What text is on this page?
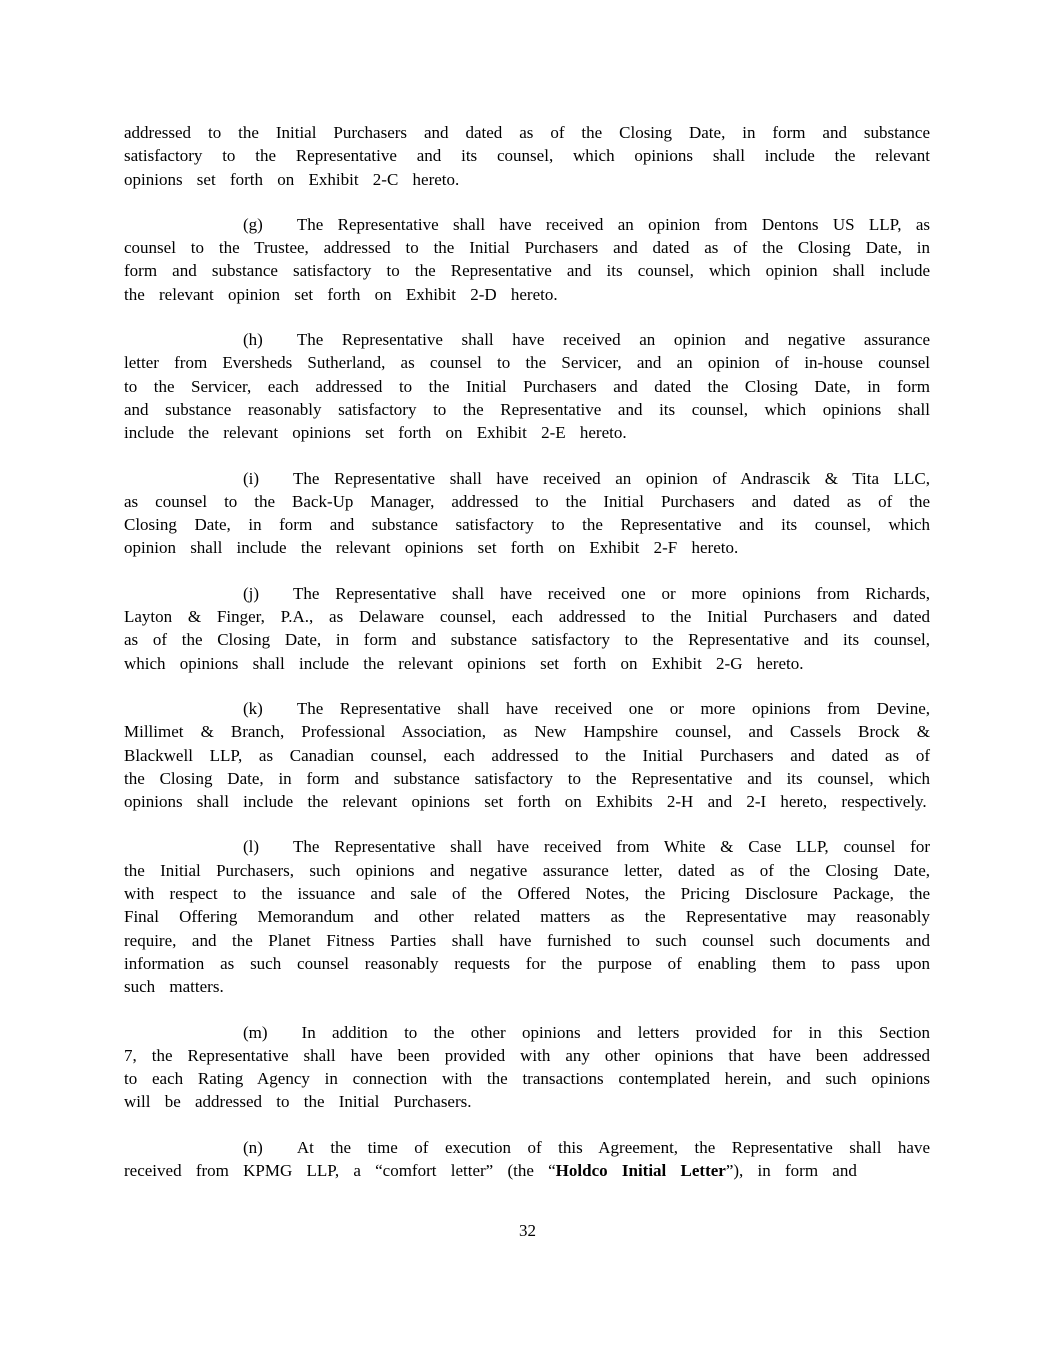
addressed to the Initial Purchasers and dated as of the Closing Date, in form and substance satisfactory to the Representative and its counsel, which opinions shall include the relevant opinions set forth on Exhibit 2-C hereto.

(g) The Representative shall have received an opinion from Dentons US LLP, as counsel to the Trustee, addressed to the Initial Purchasers and dated as of the Closing Date, in form and substance satisfactory to the Representative and its counsel, which opinion shall include the relevant opinion set forth on Exhibit 2-D hereto.

(h) The Representative shall have received an opinion and negative assurance letter from Eversheds Sutherland, as counsel to the Servicer, and an opinion of in-house counsel to the Servicer, each addressed to the Initial Purchasers and dated the Closing Date, in form and substance reasonably satisfactory to the Representative and its counsel, which opinions shall include the relevant opinions set forth on Exhibit 2-E hereto.

(i) The Representative shall have received an opinion of Andrascik & Tita LLC, as counsel to the Back-Up Manager, addressed to the Initial Purchasers and dated as of the Closing Date, in form and substance satisfactory to the Representative and its counsel, which opinion shall include the relevant opinions set forth on Exhibit 2-F hereto.

(j) The Representative shall have received one or more opinions from Richards, Layton & Finger, P.A., as Delaware counsel, each addressed to the Initial Purchasers and dated as of the Closing Date, in form and substance satisfactory to the Representative and its counsel, which opinions shall include the relevant opinions set forth on Exhibit 2-G hereto.

(k) The Representative shall have received one or more opinions from Devine, Millimet & Branch, Professional Association, as New Hampshire counsel, and Cassels Brock & Blackwell LLP, as Canadian counsel, each addressed to the Initial Purchasers and dated as of the Closing Date, in form and substance satisfactory to the Representative and its counsel, which opinions shall include the relevant opinions set forth on Exhibits 2-H and 2-I hereto, respectively.

(l) The Representative shall have received from White & Case LLP, counsel for the Initial Purchasers, such opinions and negative assurance letter, dated as of the Closing Date, with respect to the issuance and sale of the Offered Notes, the Pricing Disclosure Package, the Final Offering Memorandum and other related matters as the Representative may reasonably require, and the Planet Fitness Parties shall have furnished to such counsel such documents and information as such counsel reasonably requests for the purpose of enabling them to pass upon such matters.

(m) In addition to the other opinions and letters provided for in this Section 7, the Representative shall have been provided with any other opinions that have been addressed to each Rating Agency in connection with the transactions contemplated herein, and such opinions will be addressed to the Initial Purchasers.

(n) At the time of execution of this Agreement, the Representative shall have received from KPMG LLP, a “comfort letter” (the “Holdco Initial Letter”), in form and

32
